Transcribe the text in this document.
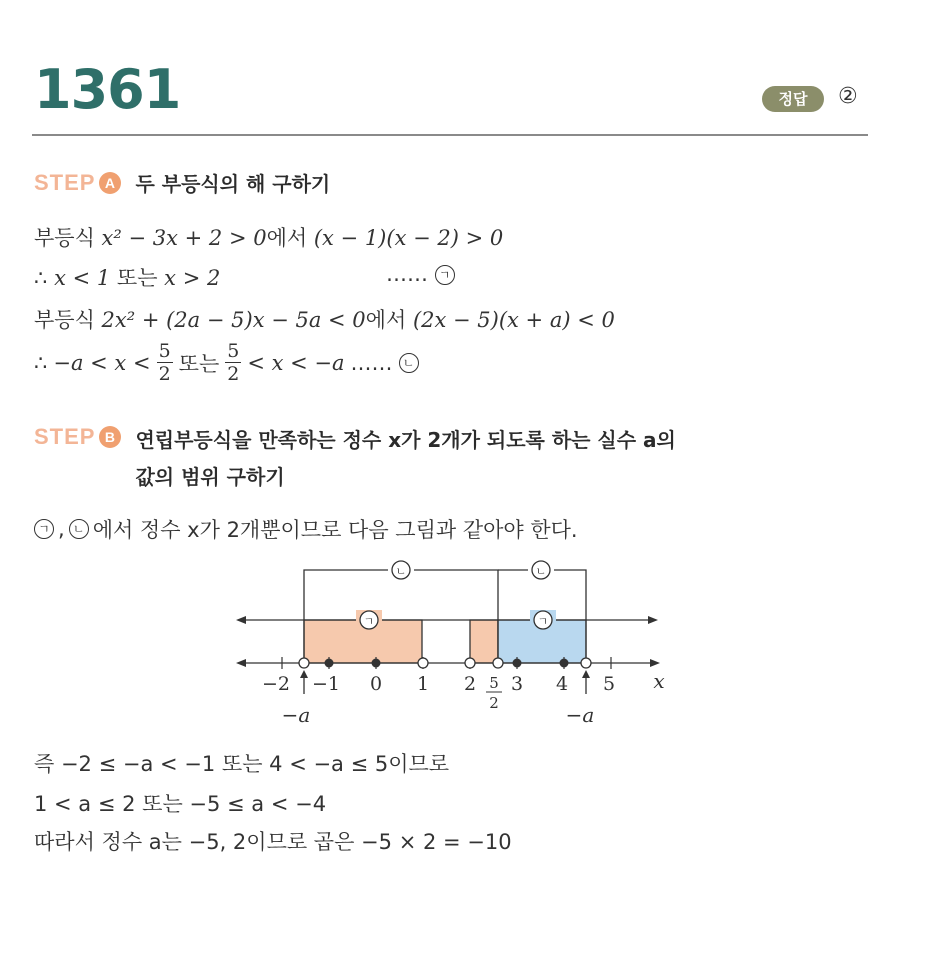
1361	정답	②
STEP A 두 부등식의 해 구하기
부등식 x² − 3x + 2 > 0에서 (x − 1)(x − 2) > 0
∴ x < 1 또는 x > 2	…… ㄱ
부등식 2x² + (2a − 5)x − 5a < 0에서 (2x − 5)(x + a) < 0
∴ $-a < x < \frac{5}{2}$ 또는 $\frac{5}{2} < x < -a$ …… ㄴ
STEP B 연립부등식을 만족하는 정수 x가 2개가 되도록 하는 실수 a의
값의 범위 구하기
ㄱ , ㄴ 에서 정수 x가 2개뿐이므로 다음 그림과 같아야 한다.
ㄴ	ㄴ
ㄱ	ㄱ
−2 −1 0 1 2 3 4 5 x
5
2
−a	−a
즉 −2 ≤ −a < −1 또는 4 < −a ≤ 5이므로
1 < a ≤ 2 또는 −5 ≤ a < −4
따라서 정수 a는 −5, 2이므로 곱은 −5 × 2 = −10
